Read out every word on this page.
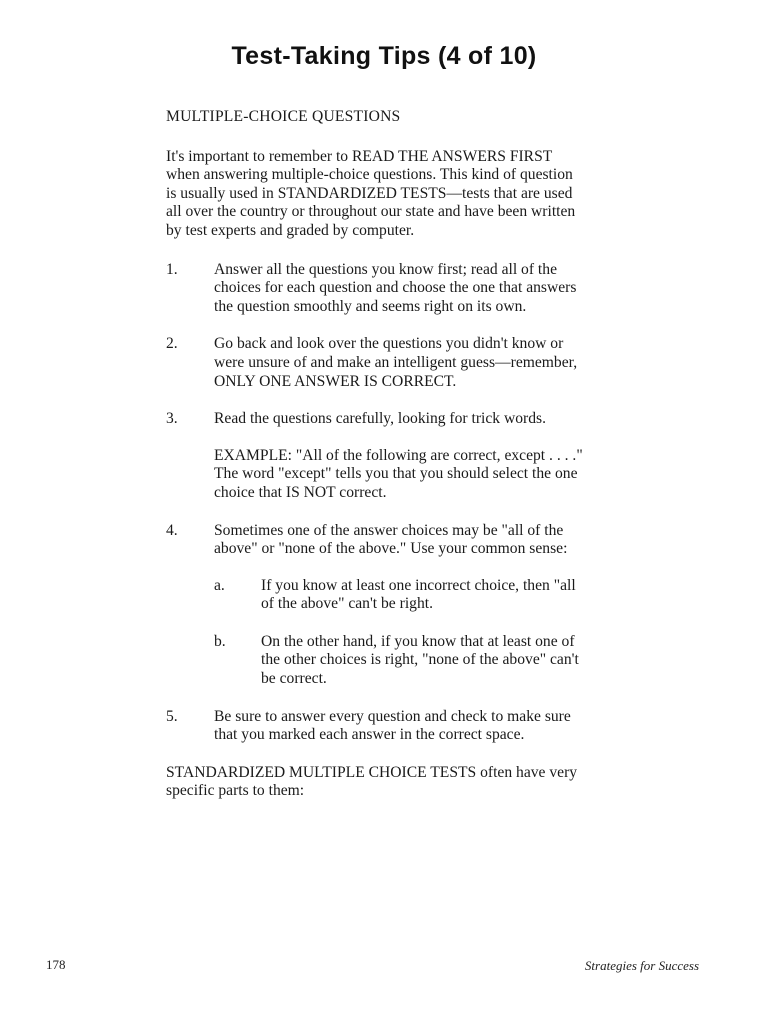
Test-Taking Tips (4 of 10)

MULTIPLE-CHOICE QUESTIONS

It's important to remember to READ THE ANSWERS FIRST when answering multiple-choice questions. This kind of question is usually used in STANDARDIZED TESTS—tests that are used all over the country or throughout our state and have been written by test experts and graded by computer.

1.	Answer all the questions you know first; read all of the choices for each question and choose the one that answers the question smoothly and seems right on its own.
2.	Go back and look over the questions you didn't know or were unsure of and make an intelligent guess—remember, ONLY ONE ANSWER IS CORRECT.
3.	Read the questions carefully, looking for trick words.
EXAMPLE: "All of the following are correct, except . . . ." The word "except" tells you that you should select the one choice that IS NOT correct.
4.	Sometimes one of the answer choices may be "all of the above" or "none of the above." Use your common sense:
a.	If you know at least one incorrect choice, then "all of the above" can't be right.
b.	On the other hand, if you know that at least one of the other choices is right, "none of the above" can't be correct.
5.	Be sure to answer every question and check to make sure that you marked each answer in the correct space.

STANDARDIZED MULTIPLE CHOICE TESTS often have very specific parts to them:

178	Strategies for Success
